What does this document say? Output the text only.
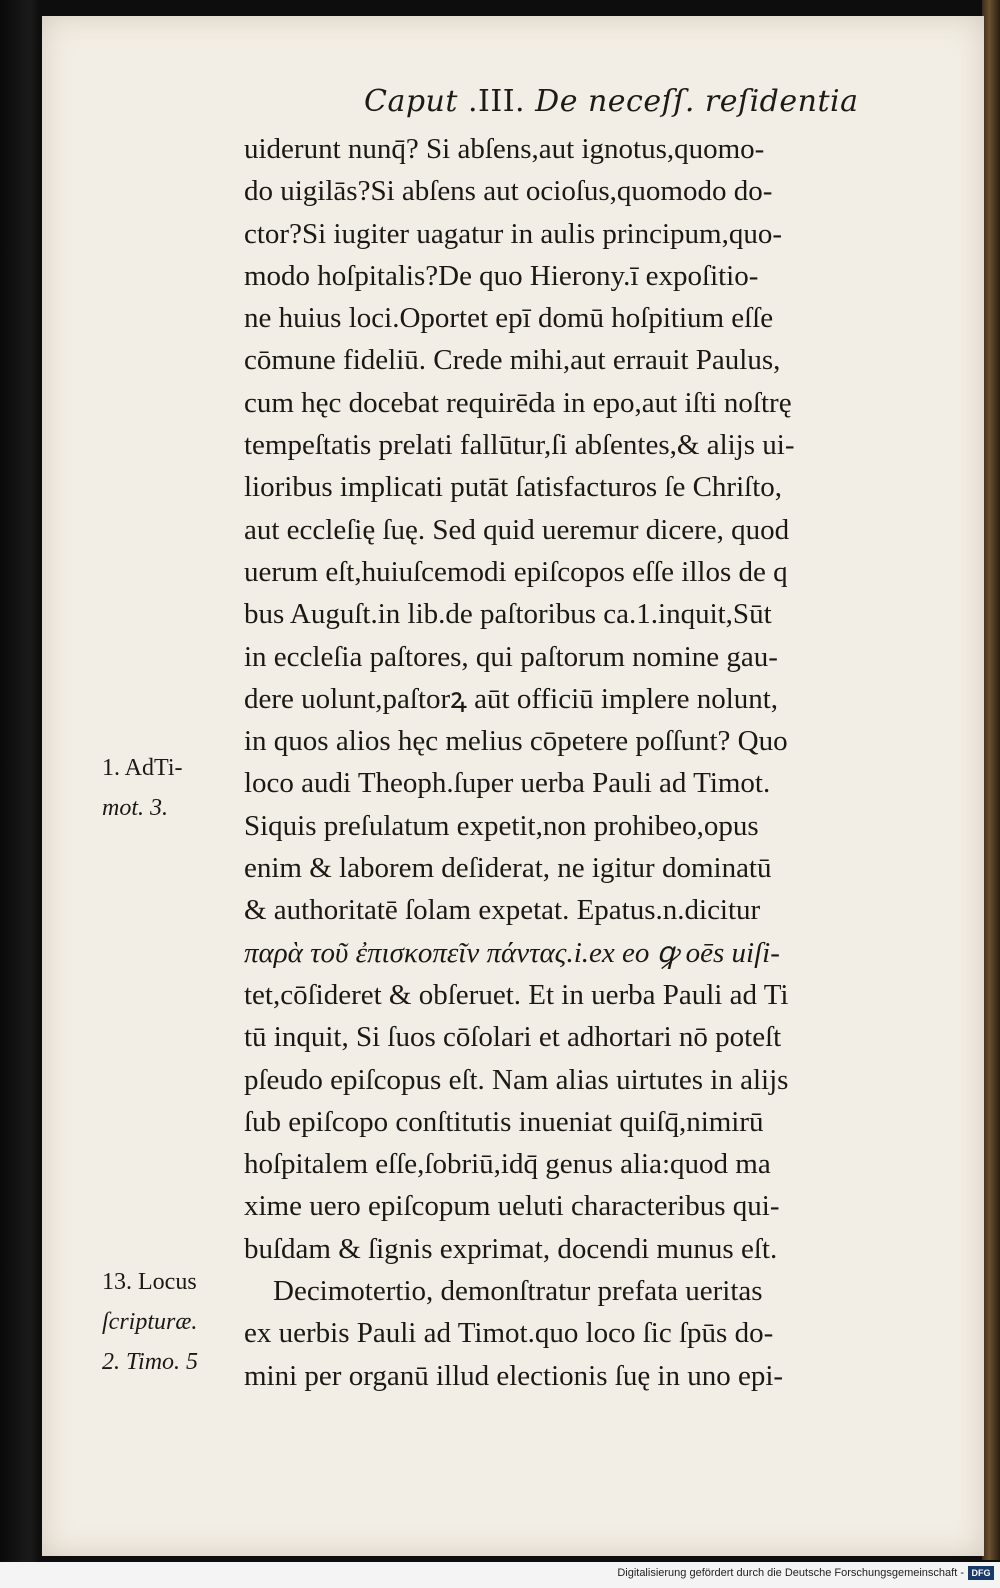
Caput .III. De neceſſ. reſidentia
uiderunt nunq̄? Si abſens,aut ignotus,quomo-
do uigilās?Si abſens aut ocioſus,quomodo do-
ctor?Si iugiter uagatur in aulis principum,quo-
modo hoſpitalis?De quo Hierony.ī expoſitio-
ne huius loci.Oportet epī domū hoſpitium eſſe
cōmune fideliū. Crede mihi,aut errauit Paulus,
cum hęc docebat requirēda in epo,aut iſti noſtrę
tempeſtatis prelati fallūtur,ſi abſentes,& alijs ui-
lioribus implicati putāt ſatisfacturos ſe Chriſto,
aut eccleſię ſuę. Sed quid ueremur dicere, quod
uerum eſt,huiuſcemodi epiſcopos eſſe illos de q
bus Auguſt.in lib.de paſtoribus ca.1.inquit,Sūt
in eccleſia paſtores, qui paſtorum nomine gau-
dere uolunt,paſtorꝝ aūt officiū implere nolunt,
in quos alios hęc melius cōpetere poſſunt? Quo
loco audi Theoph.ſuper uerba Pauli ad Timot.
Siquis preſulatum expetit,non prohibeo,opus
enim & laborem deſiderat, ne igitur dominatū
& authoritatē ſolam expetat. Epatus.n.dicitur
παρὰ τοῦ ἐπισκοπεῖν πάντας.i.ex eo ꝙ oēs uiſi-
tet,cōſideret & obſeruet. Et in uerba Pauli ad Ti
tū inquit, Si ſuos cōſolari et adhortari nō poteſt
pſeudo epiſcopus eſt. Nam alias uirtutes in alijs
ſub epiſcopo conſtitutis inueniat quiſq̄,nimirū
hoſpitalem eſſe,ſobriū,idq̄ genus alia:quod ma
xime uero epiſcopum ueluti characteribus qui-
buſdam & ſignis exprimat, docendi munus eſt.
Decimotertio, demonſtratur prefata ueritas
ex uerbis Pauli ad Timot.quo loco ſic ſpūs do-
mini per organū illud electionis ſuę in uno epi-
1. AdTi-
mot. 3.
13. Locus
ſcripturæ.
2. Timo. 5
Digitalisierung gefördert durch die Deutsche Forschungsgemeinschaft - DFG
